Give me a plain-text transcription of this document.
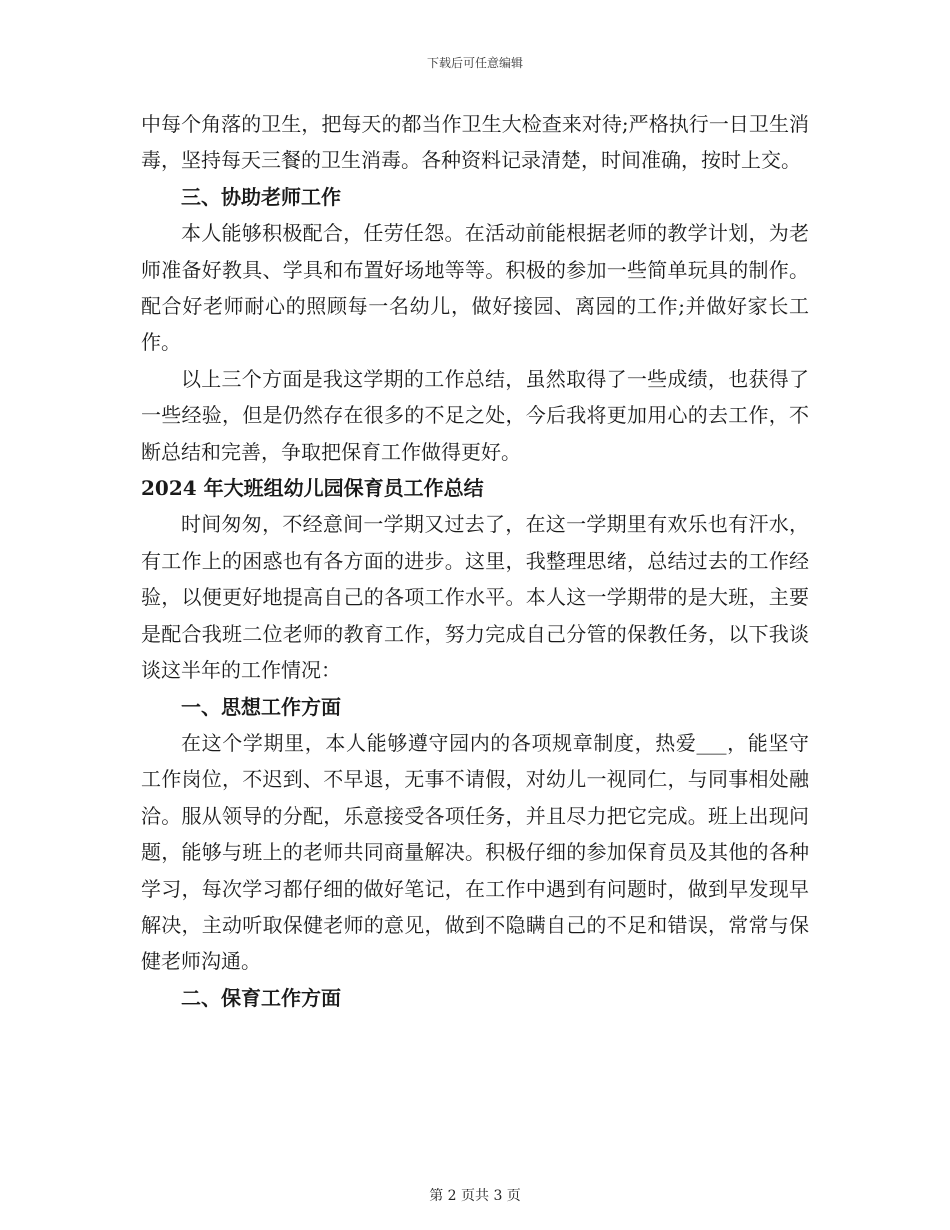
下载后可任意编辑

中每个角落的卫生，把每天的都当作卫生大检查来对待;严格执行一日卫生消毒，坚持每天三餐的卫生消毒。各种资料记录清楚，时间准确，按时上交。

三、协助老师工作

本人能够积极配合，任劳任怨。在活动前能根据老师的教学计划，为老师准备好教具、学具和布置好场地等等。积极的参加一些简单玩具的制作。配合好老师耐心的照顾每一名幼儿，做好接园、离园的工作;并做好家长工作。

以上三个方面是我这学期的工作总结，虽然取得了一些成绩，也获得了一些经验，但是仍然存在很多的不足之处，今后我将更加用心的去工作，不断总结和完善，争取把保育工作做得更好。

2024 年大班组幼儿园保育员工作总结

时间匆匆，不经意间一学期又过去了，在这一学期里有欢乐也有汗水，有工作上的困惑也有各方面的进步。这里，我整理思绪，总结过去的工作经验，以便更好地提高自己的各项工作水平。本人这一学期带的是大班，主要是配合我班二位老师的教育工作，努力完成自己分管的保教任务，以下我谈谈这半年的工作情况：

一、思想工作方面

在这个学期里，本人能够遵守园内的各项规章制度，热爱___，能坚守工作岗位，不迟到、不早退，无事不请假，对幼儿一视同仁，与同事相处融洽。服从领导的分配，乐意接受各项任务，并且尽力把它完成。班上出现问题，能够与班上的老师共同商量解决。积极仔细的参加保育员及其他的各种学习，每次学习都仔细的做好笔记，在工作中遇到有问题时，做到早发现早解决，主动听取保健老师的意见，做到不隐瞒自己的不足和错误，常常与保健老师沟通。

二、保育工作方面

第 2 页共 3 页
